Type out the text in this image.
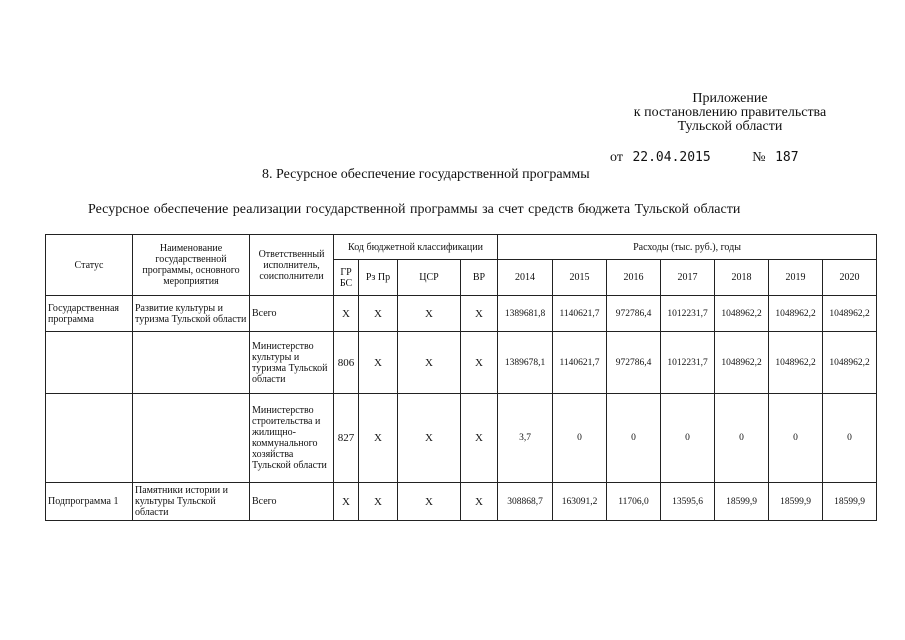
Приложение
к постановлению правительства
Тульской области
от 22.04.2015	№ 187
8. Ресурсное обеспечение государственной программы
Ресурсное обеспечение реализации государственной программы за счет средств бюджета Тульской области
Статус	Наименование государственной программы, основного мероприятия	Ответственный исполнитель, соисполнители	Код бюджетной классификации				Расходы (тыс. руб.), годы						
			ГР БС	Рз Пр	ЦСР	ВР	2014	2015	2016	2017	2018	2019	2020
Государственная программа	Развитие культуры и туризма Тульской области	Всего	X	X	X	X	1389681,8	1140621,7	972786,4	1012231,7	1048962,2	1048962,2	1048962,2
		Министерство культуры и туризма Тульской области	806	X	X	X	1389678,1	1140621,7	972786,4	1012231,7	1048962,2	1048962,2	1048962,2
		Министерство строительства и жилищно-коммунального хозяйства Тульской области	827	X	X	X	3,7	0	0	0	0	0	0
Подпрограмма 1	Памятники истории и культуры Тульской области	Всего	X	X	X	X	308868,7	163091,2	11706,0	13595,6	18599,9	18599,9	18599,9
